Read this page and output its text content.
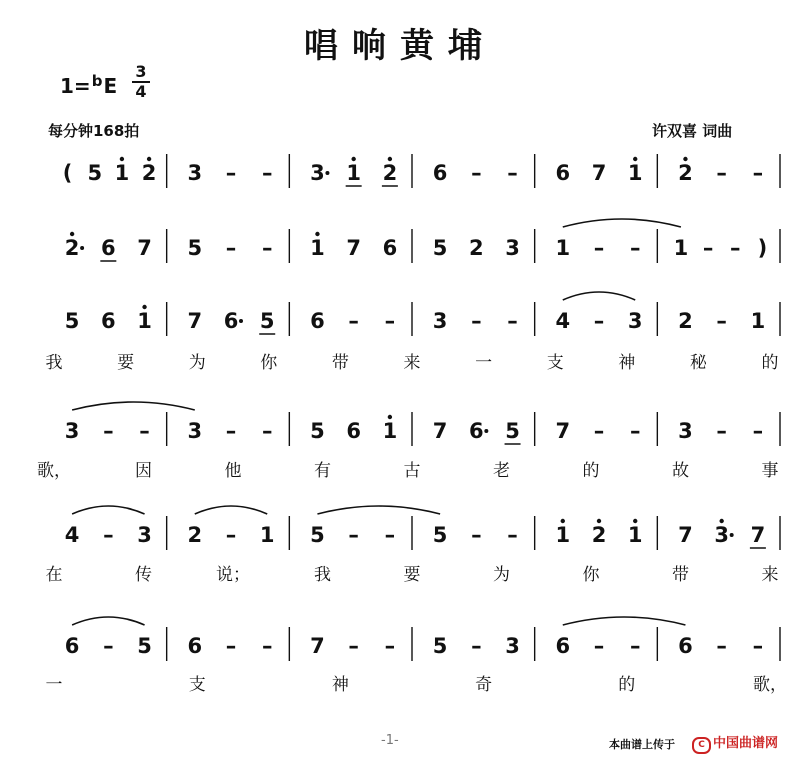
唱响黄埔
$1=^bE \frac{3}{4}$
每分钟168拍	许双喜 词曲
( 5 1 2 3 – – 3 1 2 6 – – 6 7 1 2 – –
2 6 7 5 – – 1 7 6 5 2 3 1 – – 1 – – )
5 6 1 7 6 5 6 – – 3 – – 4 – 3 2 – 1
我	要	为	你	带	来	一	支	神	秘	的
3 – – 3 – – 5 6 1 7 6 5 7 – – 3 – –
歌，	因	他	有	古	老	的	故	事
4 – 3 2 – 1 5 – – 5 – – 1 2 1 7 3 7
在	传	说；	我	要	为	你	带	来
6 – 5 6 – – 7 – – 5 – 3 6 – – 6 – –
一	支	神	奇	的	歌，
-1-	本曲谱上传于	C 中国曲谱网
